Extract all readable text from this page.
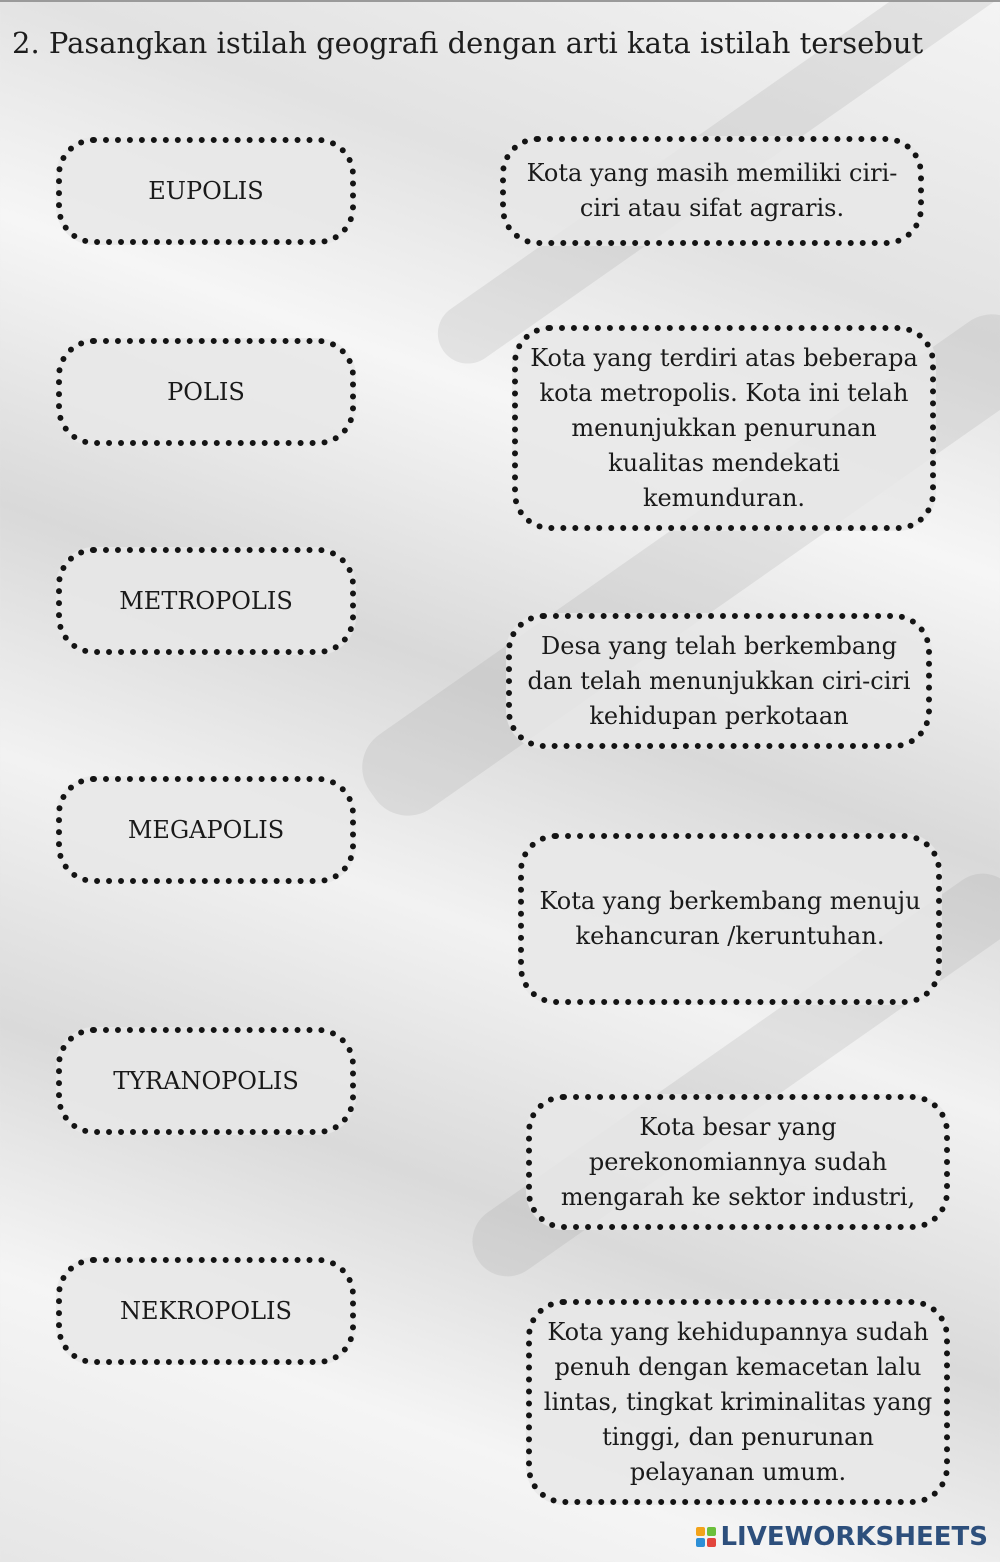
2. Pasangkan istilah geografi dengan arti kata istilah tersebut
EUPOLIS
POLIS
METROPOLIS
MEGAPOLIS
TYRANOPOLIS
NEKROPOLIS
Kota yang masih memiliki ciri-ciri atau sifat agraris.
Kota yang terdiri atas beberapa kota metropolis. Kota ini telah menunjukkan penurunan kualitas mendekati kemunduran.
Desa yang telah berkembang dan telah menunjukkan ciri-ciri kehidupan perkotaan
Kota yang berkembang menuju kehancuran /keruntuhan.
Kota besar yang perekonomiannya sudah mengarah ke sektor industri,
Kota yang kehidupannya sudah penuh dengan kemacetan lalu lintas, tingkat kriminalitas yang tinggi, dan penurunan pelayanan umum.
LIVEWORKSHEETS
